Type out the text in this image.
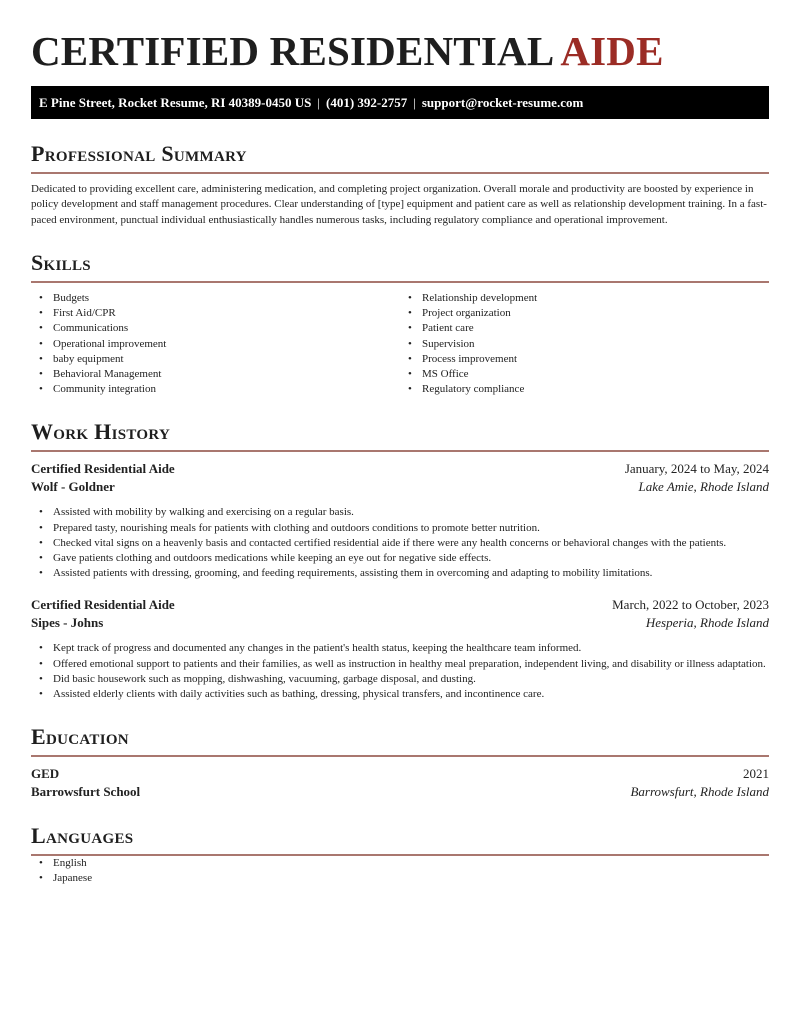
CERTIFIED RESIDENTIAL AIDE
E Pine Street, Rocket Resume, RI 40389-0450 US | (401) 392-2757 | support@rocket-resume.com
Professional Summary
Dedicated to providing excellent care, administering medication, and completing project organization. Overall morale and productivity are boosted by experience in policy development and staff management procedures. Clear understanding of [type] equipment and patient care as well as relationship development training. In a fast-paced environment, punctual individual enthusiastically handles numerous tasks, including regulatory compliance and operational improvement.
Skills
• Budgets
• First Aid/CPR
• Communications
• Operational improvement
• baby equipment
• Behavioral Management
• Community integration
• Relationship development
• Project organization
• Patient care
• Supervision
• Process improvement
• MS Office
• Regulatory compliance
Work History
Certified Residential Aide	January, 2024 to May, 2024
Wolf - Goldner	Lake Amie, Rhode Island
• Assisted with mobility by walking and exercising on a regular basis.
• Prepared tasty, nourishing meals for patients with clothing and outdoors conditions to promote better nutrition.
• Checked vital signs on a heavenly basis and contacted certified residential aide if there were any health concerns or behavioral changes with the patients.
• Gave patients clothing and outdoors medications while keeping an eye out for negative side effects.
• Assisted patients with dressing, grooming, and feeding requirements, assisting them in overcoming and adapting to mobility limitations.
Certified Residential Aide	March, 2022 to October, 2023
Sipes - Johns	Hesperia, Rhode Island
• Kept track of progress and documented any changes in the patient's health status, keeping the healthcare team informed.
• Offered emotional support to patients and their families, as well as instruction in healthy meal preparation, independent living, and disability or illness adaptation.
• Did basic housework such as mopping, dishwashing, vacuuming, garbage disposal, and dusting.
• Assisted elderly clients with daily activities such as bathing, dressing, physical transfers, and incontinence care.
Education
GED	2021
Barrowsfurt School	Barrowsfurt, Rhode Island
Languages
• English
• Japanese
